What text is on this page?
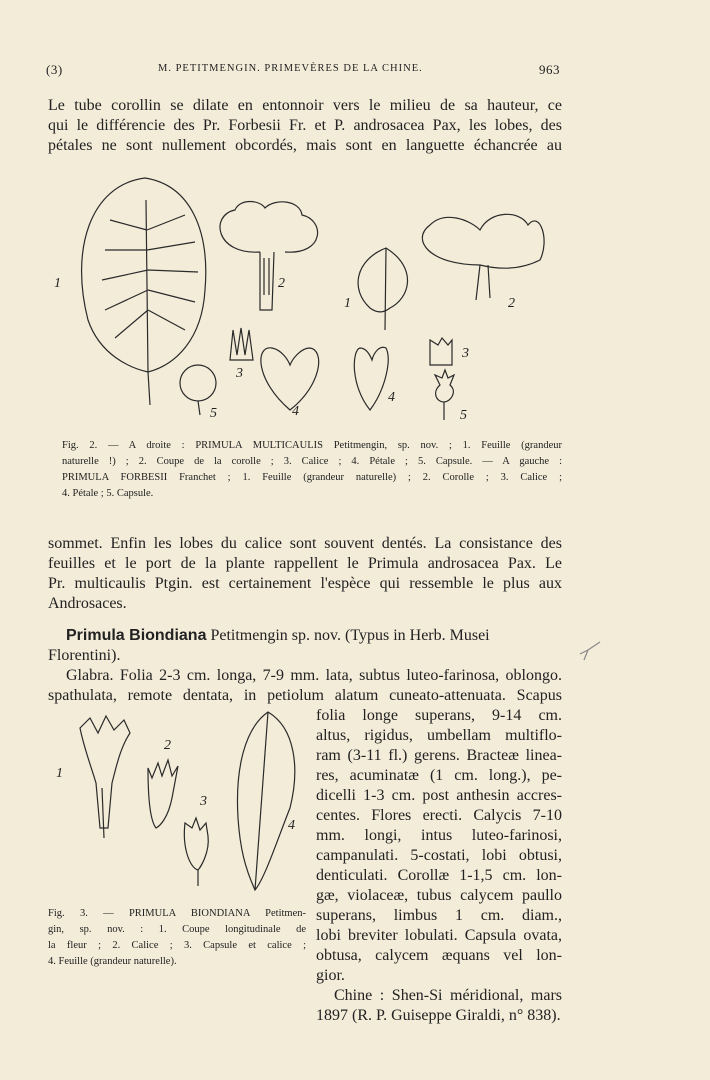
(3)	M. PETITMENGIN. PRIMEVÈRES DE LA CHINE.	963
Le tube corollin se dilate en entonnoir vers le milieu de sa hauteur, ce
qui le différencie des Pr. Forbesii Fr. et P. androsacea Pax, les lobes, des
pétales ne sont nullement obcordés, mais sont en languette échancrée au
1	2
3
4
5
1	2
3
4
5
Fig. 2. — A droite : PRIMULA MULTICAULIS Petitmengin, sp. nov. ; 1. Feuille (grandeur
naturelle !) ; 2. Coupe de la corolle ; 3. Calice ; 4. Pétale ; 5. Capsule. — A gauche :
PRIMULA FORBESII Franchet ; 1. Feuille (grandeur naturelle) ; 2. Corolle ; 3. Calice ;
4. Pétale ; 5. Capsule.
sommet. Enfin les lobes du calice sont souvent dentés. La consistance des
feuilles et le port de la plante rappellent le Primula androsacea Pax. Le
Pr. multicaulis Ptgin. est certainement l'espèce qui ressemble le plus aux
Androsaces.
Primula Biondiana Petitmengin sp. nov. (Typus in Herb. Musei
Florentini).
Glabra. Folia 2-3 cm. longa, 7-9 mm. lata, subtus luteo-farinosa, oblongo.
spathulata, remote dentata, in petiolum alatum cuneato-attenuata. Scapus
1
2
3
4
Fig. 3. — PRIMULA BIONDIANA Petitmen-
gin, sp. nov. : 1. Coupe longitudinale de
la fleur ; 2. Calice ; 3. Capsule et calice ;
4. Feuille (grandeur naturelle).
folia longe superans, 9-14 cm.
altus, rigidus, umbellam multiflo-
ram (3-11 fl.) gerens. Bracteæ linea-
res, acuminatæ (1 cm. long.), pe-
dicelli 1-3 cm. post anthesin accres-
centes. Flores erecti. Calycis 7-10
mm. longi, intus luteo-farinosi,
campanulati. 5-costati, lobi obtusi,
denticulati. Corollæ 1-1,5 cm. lon-
gæ, violaceæ, tubus calycem paullo
superans, limbus 1 cm. diam.,
lobi breviter lobulati. Capsula ovata,
obtusa, calycem æquans vel lon-
gior.
Chine : Shen-Si méridional, mars
1897 (R. P. Guiseppe Giraldi, n° 838).
